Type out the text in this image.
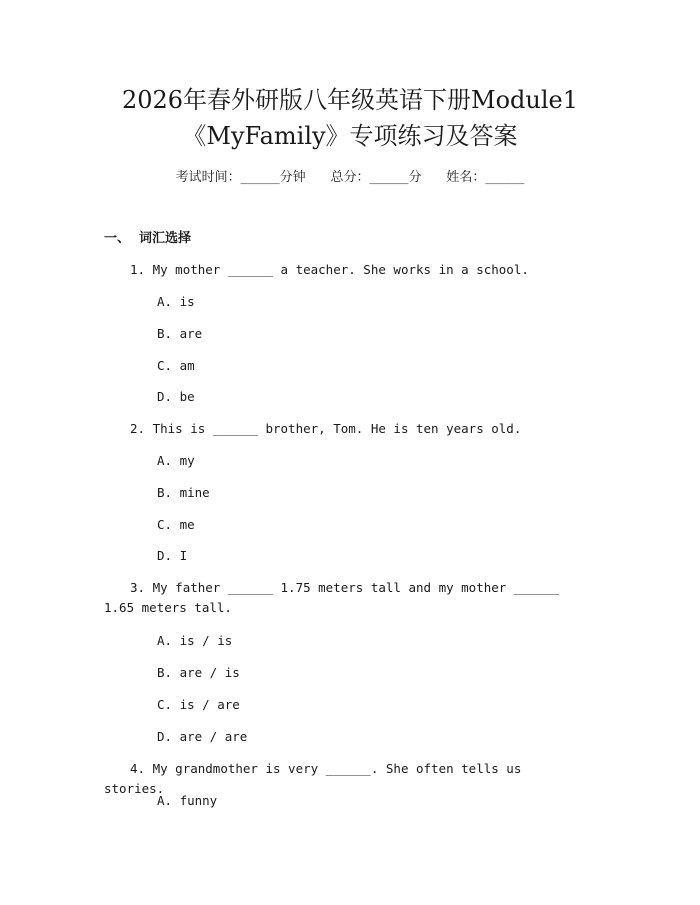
2026年春外研版八年级英语下册Module1
《MyFamily》专项练习及答案
考试时间：______分钟 总分：______分 姓名：______
一、  词汇选择
1. My mother ______ a teacher. She works in a school.
A. is
B. are
C. am
D. be
2. This is ______ brother, Tom. He is ten years old.
A. my
B. mine
C. me
D. I
3. My father ______ 1.75 meters tall and my mother ______ 1.65 meters tall.
A. is / is
B. are / is
C. is / are
D. are / are
4. My grandmother is very ______. She often tells us stories.
A. funny
